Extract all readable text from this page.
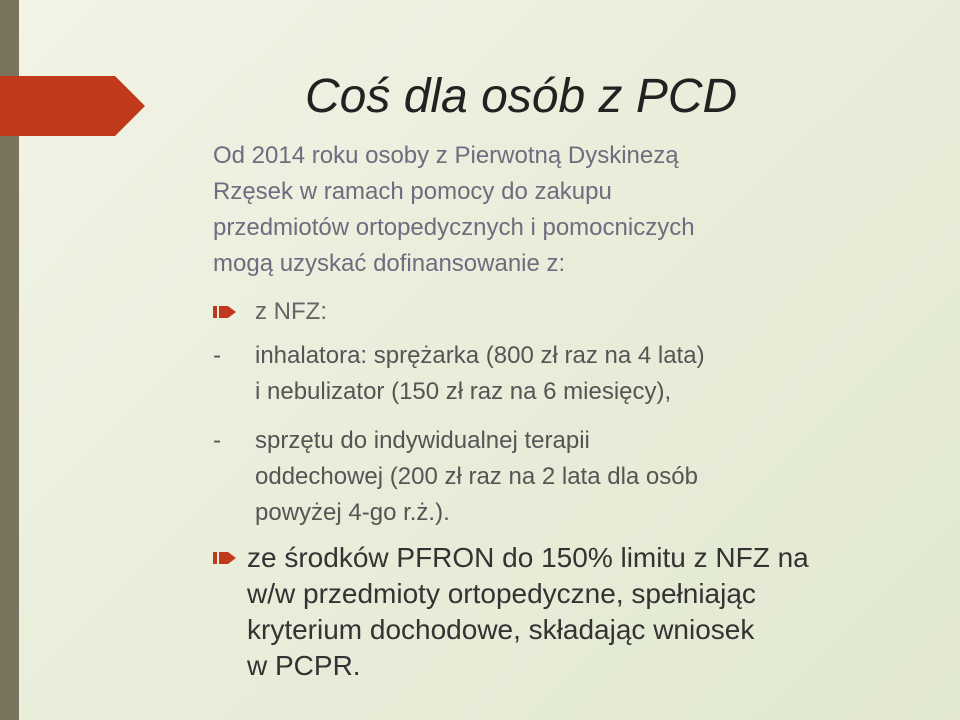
Coś dla osób z PCD

Od 2014 roku osoby z Pierwotną Dyskinezą
Rzęsek w ramach pomocy do zakupu
przedmiotów ortopedycznych i pomocniczych
mogą uzyskać dofinansowanie z:

z NFZ:
-	inhalatora: sprężarka (800 zł raz na 4 lata)
i nebulizator (150 zł raz na 6 miesięcy),
-	sprzętu do indywidualnej terapii
oddechowej (200 zł raz na 2 lata dla osób
powyżej 4-go r.ż.).
ze środków PFRON do 150% limitu z NFZ na
w/w przedmioty ortopedyczne, spełniając
kryterium dochodowe, składając wniosek
w PCPR.
